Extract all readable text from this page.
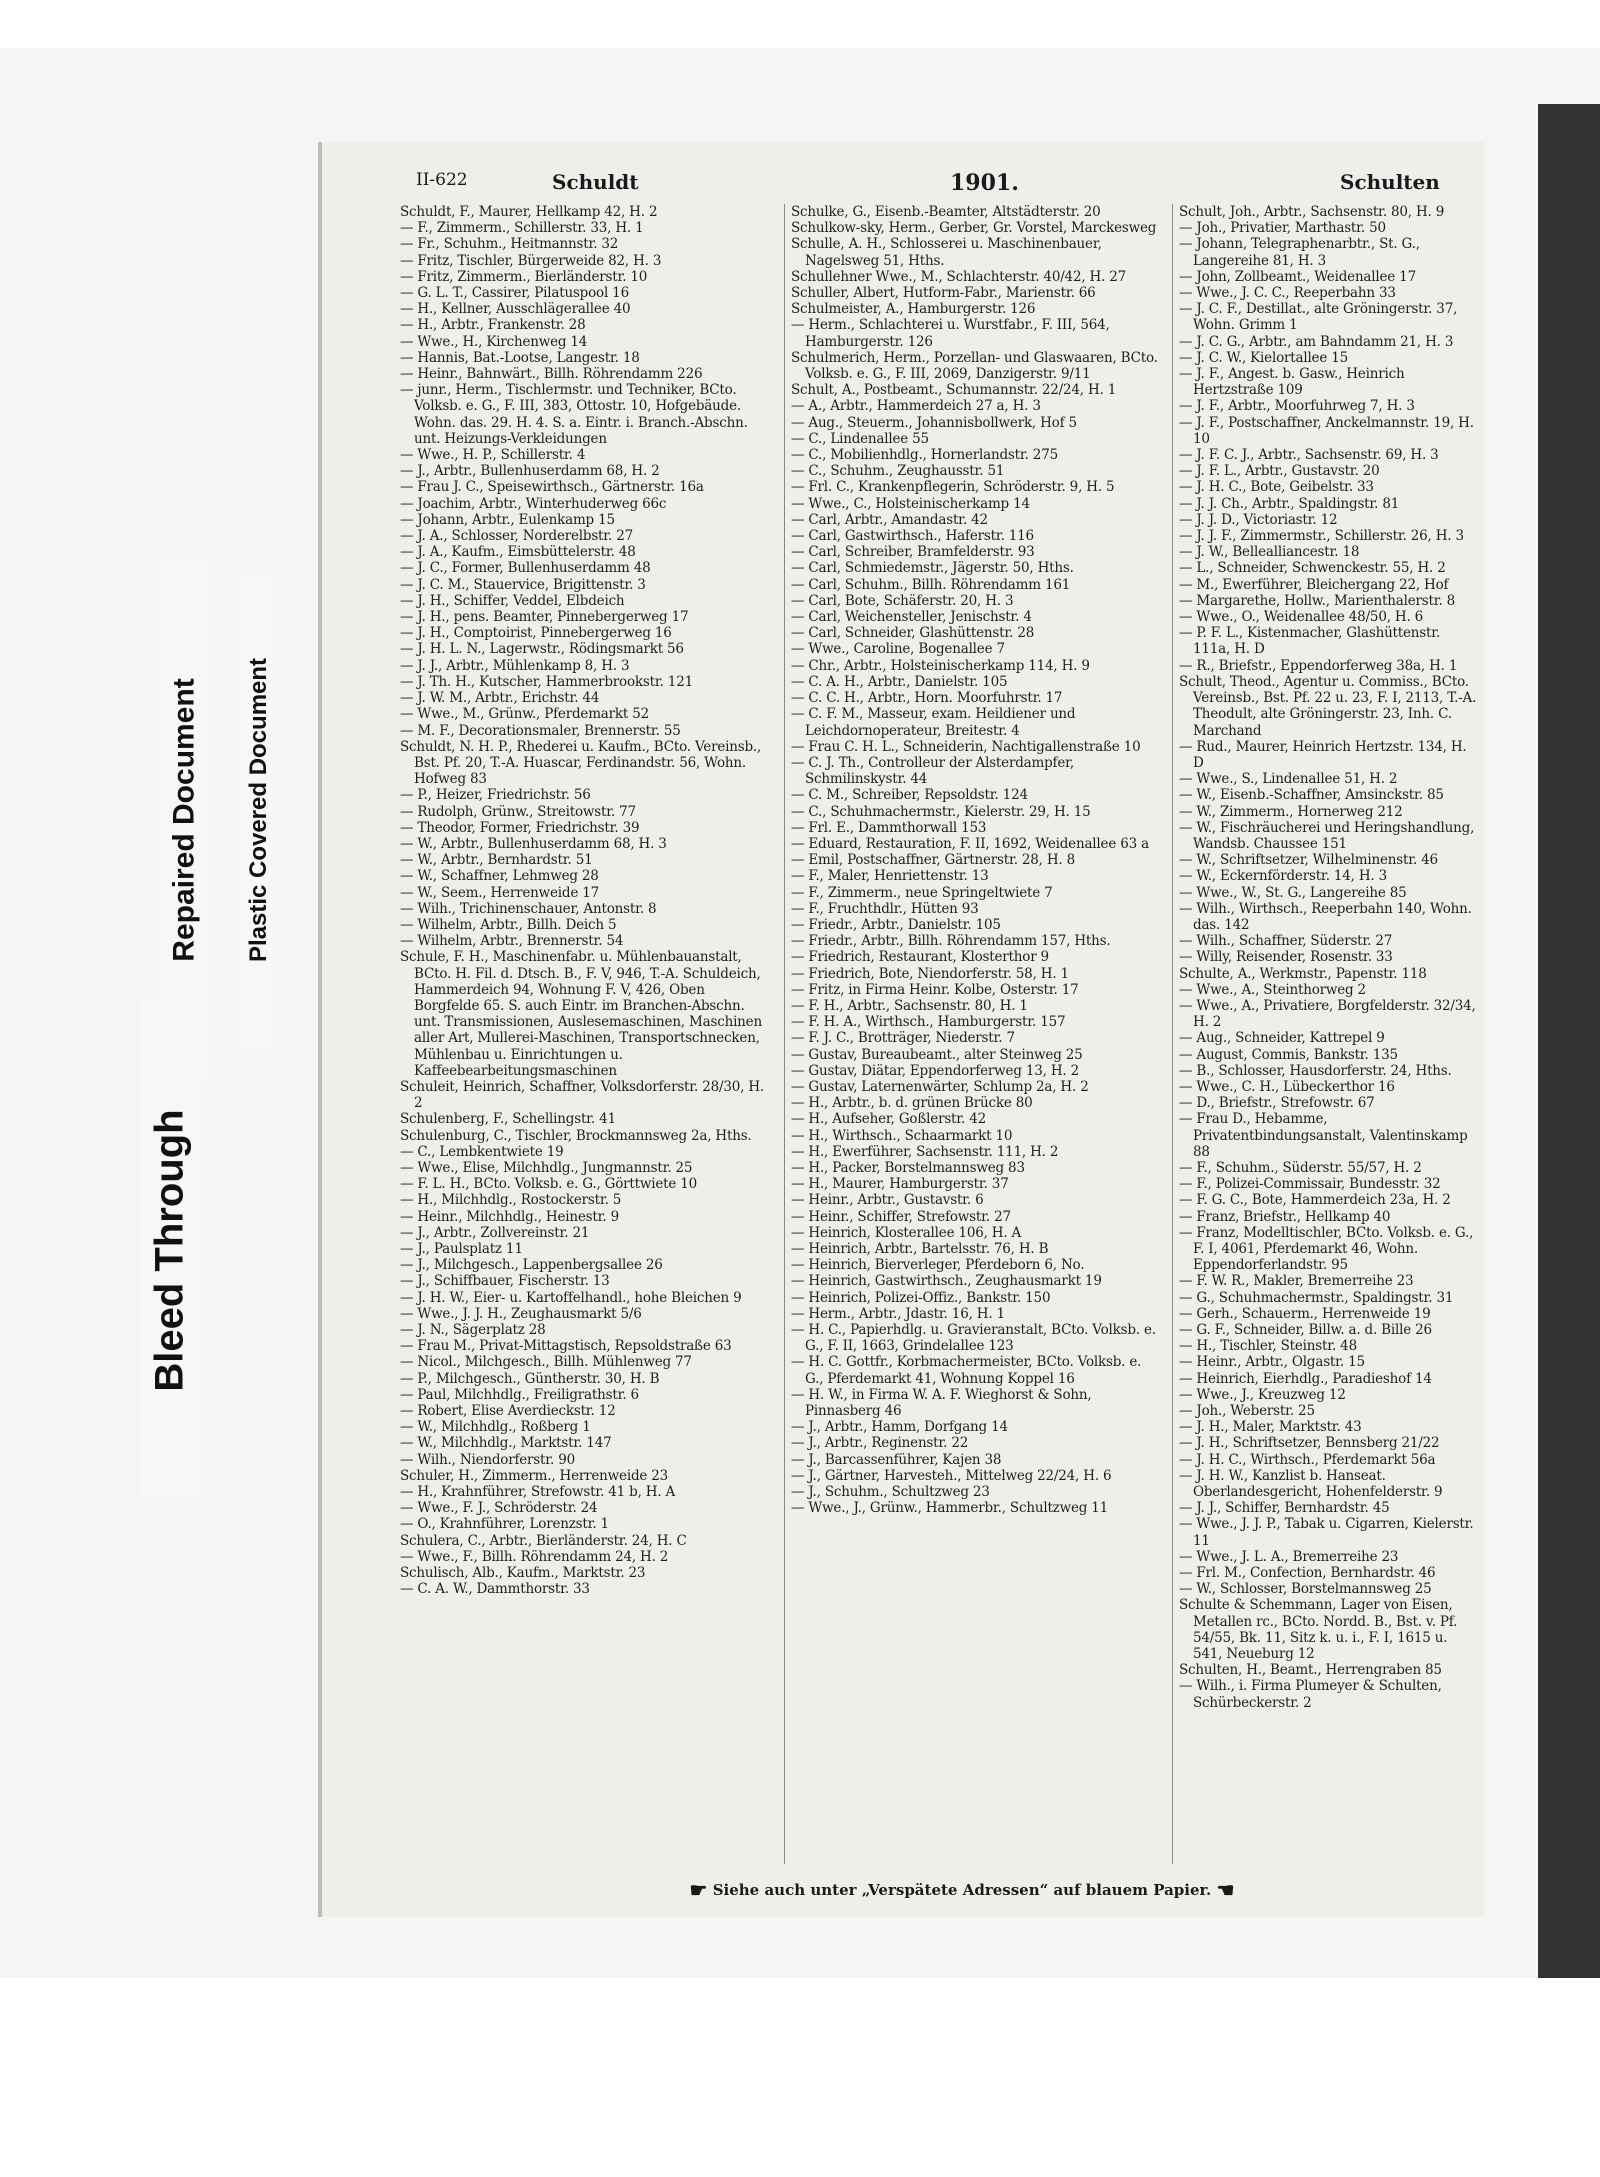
Bleed Through
Repaired Document Plastic Covered Document
II-622	Schuldt	1901.	Schulten
Schuldt, F., Maurer, Hellkamp 42, H. 2
— F., Zimmerm., Schillerstr. 33, H. 1
— Fr., Schuhm., Heitmannstr. 32
— Fritz, Tischler, Bürgerweide 82, H. 3
— Fritz, Zimmerm., Bierländerstr. 10
— G. L. T., Cassirer, Pilatuspool 16
— H., Kellner, Ausschlägerallee 40
— H., Arbtr., Frankenstr. 28
— Wwe., H., Kirchenweg 14
— Hannis, Bat.-Lootse, Langestr. 18
— Heinr., Bahnwärt., Billh. Röhrendamm 226
— junr., Herm., Tischlermstr. und Techniker, BCto. Volksb. e. G., F. III, 383, Ottostr. 10, Hofgebäude. Wohn. das. 29. H. 4. S. a. Eintr. i. Branch.-Abschn. unt. Heizungs-Verkleidungen
— Wwe., H. P., Schillerstr. 4
— J., Arbtr., Bullenhuserdamm 68, H. 2
— Frau J. C., Speisewirthsch., Gärtnerstr. 16a
— Joachim, Arbtr., Winterhuderweg 66c
— Johann, Arbtr., Eulenkamp 15
— J. A., Schlosser, Norderelbstr. 27
— J. A., Kaufm., Eimsbüttelerstr. 48
— J. C., Former, Bullenhuserdamm 48
— J. C. M., Stauervice, Brigittenstr. 3
— J. H., Schiffer, Veddel, Elbdeich
— J. H., pens. Beamter, Pinnebergerweg 17
— J. H., Comptoirist, Pinnebergerweg 16
— J. H. L. N., Lagerwstr., Rödingsmarkt 56
— J. J., Arbtr., Mühlenkamp 8, H. 3
— J. Th. H., Kutscher, Hammerbrookstr. 121
— J. W. M., Arbtr., Erichstr. 44
— Wwe., M., Grünw., Pferdemarkt 52
— M. F., Decorationsmaler, Brennerstr. 55
Schuldt, N. H. P., Rhederei u. Kaufm., BCto. Vereinsb., Bst. Pf. 20, T.-A. Huascar, Ferdinandstr. 56, Wohn. Hofweg 83
— P., Heizer, Friedrichstr. 56
— Rudolph, Grünw., Streitowstr. 77
— Theodor, Former, Friedrichstr. 39
— W., Arbtr., Bullenhuserdamm 68, H. 3
— W., Arbtr., Bernhardstr. 51
— W., Schaffner, Lehmweg 28
— W., Seem., Herrenweide 17
— Wilh., Trichinenschauer, Antonstr. 8
— Wilhelm, Arbtr., Billh. Deich 5
— Wilhelm, Arbtr., Brennerstr. 54
Schule, F. H., Maschinenfabr. u. Mühlenbauanstalt, BCto. H. Fil. d. Dtsch. B., F. V, 946, T.-A. Schuldeich, Hammerdeich 94, Wohnung F. V, 426, Oben Borgfelde 65. S. auch Eintr. im Branchen-Abschn. unt. Transmissionen, Auslesemaschinen, Maschinen aller Art, Mullerei-Maschinen, Transportschnecken, Mühlenbau u. Einrichtungen u. Kaffeebearbeitungsmaschinen
Schuleit, Heinrich, Schaffner, Volksdorferstr. 28/30, H. 2
Schulenberg, F., Schellingstr. 41
Schulenburg, C., Tischler, Brockmannsweg 2a, Hths.
— C., Lembkentwiete 19
— Wwe., Elise, Milchhdlg., Jungmannstr. 25
— F. L. H., BCto. Volksb. e. G., Görttwiete 10
— H., Milchhdlg., Rostockerstr. 5
— Heinr., Milchhdlg., Heinestr. 9
— J., Arbtr., Zollvereinstr. 21
— J., Paulsplatz 11
— J., Milchgesch., Lappenbergsallee 26
— J., Schiffbauer, Fischerstr. 13
— J. H. W., Eier- u. Kartoffelhandl., hohe Bleichen 9
— Wwe., J. J. H., Zeughausmarkt 5/6
— J. N., Sägerplatz 28
— Frau M., Privat-Mittagstisch, Repsoldstraße 63
— Nicol., Milchgesch., Billh. Mühlenweg 77
— P., Milchgesch., Güntherstr. 30, H. B
— Paul, Milchhdlg., Freiligrathstr. 6
— Robert, Elise Averdieckstr. 12
— W., Milchhdlg., Roßberg 1
— W., Milchhdlg., Marktstr. 147
— Wilh., Niendorferstr. 90
Schuler, H., Zimmerm., Herrenweide 23
— H., Krahnführer, Strefowstr. 41 b, H. A
— Wwe., F. J., Schröderstr. 24
— O., Krahnführer, Lorenzstr. 1
Schulera, C., Arbtr., Bierländerstr. 24, H. C
— Wwe., F., Billh. Röhrendamm 24, H. 2
Schulisch, Alb., Kaufm., Marktstr. 23
— C. A. W., Dammthorstr. 33
Schulke, G., Eisenb.-Beamter, Altstädterstr. 20
Schulkow-sky, Herm., Gerber, Gr. Vorstel, Marckesweg
Schulle, A. H., Schlosserei u. Maschinenbauer, Nagelsweg 51, Hths.
Schullehner Wwe., M., Schlachterstr. 40/42, H. 27
Schuller, Albert, Hutform-Fabr., Marienstr. 66
Schulmeister, A., Hamburgerstr. 126
— Herm., Schlachterei u. Wurstfabr., F. III, 564, Hamburgerstr. 126
Schulmerich, Herm., Porzellan- und Glaswaaren, BCto. Volksb. e. G., F. III, 2069, Danzigerstr. 9/11
Schult, A., Postbeamt., Schumannstr. 22/24, H. 1
— A., Arbtr., Hammerdeich 27 a, H. 3
— Aug., Steuerm., Johannisbollwerk, Hof 5
— C., Lindenallee 55
— C., Mobilienhdlg., Hornerlandstr. 275
— C., Schuhm., Zeughausstr. 51
— Frl. C., Krankenpflegerin, Schröderstr. 9, H. 5
— Wwe., C., Holsteinischerkamp 14
— Carl, Arbtr., Amandastr. 42
— Carl, Gastwirthsch., Haferstr. 116
— Carl, Schreiber, Bramfelderstr. 93
— Carl, Schmiedemstr., Jägerstr. 50, Hths.
— Carl, Schuhm., Billh. Röhrendamm 161
— Carl, Bote, Schäferstr. 20, H. 3
— Carl, Weichensteller, Jenischstr. 4
— Carl, Schneider, Glashüttenstr. 28
— Wwe., Caroline, Bogenallee 7
— Chr., Arbtr., Holsteinischerkamp 114, H. 9
— C. A. H., Arbtr., Danielstr. 105
— C. C. H., Arbtr., Horn. Moorfuhrstr. 17
— C. F. M., Masseur, exam. Heildiener und Leichdornoperateur, Breitestr. 4
— Frau C. H. L., Schneiderin, Nachtigallenstraße 10
— C. J. Th., Controlleur der Alsterdampfer, Schmilinskystr. 44
— C. M., Schreiber, Repsoldstr. 124
— C., Schuhmachermstr., Kielerstr. 29, H. 15
— Frl. E., Dammthorwall 153
— Eduard, Restauration, F. II, 1692, Weidenallee 63 a
— Emil, Postschaffner, Gärtnerstr. 28, H. 8
— F., Maler, Henriettenstr. 13
— F., Zimmerm., neue Springeltwiete 7
— F., Fruchthdlr., Hütten 93
— Friedr., Arbtr., Danielstr. 105
— Friedr., Arbtr., Billh. Röhrendamm 157, Hths.
— Friedrich, Restaurant, Klosterthor 9
— Friedrich, Bote, Niendorferstr. 58, H. 1
— Fritz, in Firma Heinr. Kolbe, Osterstr. 17
— F. H., Arbtr., Sachsenstr. 80, H. 1
— F. H. A., Wirthsch., Hamburgerstr. 157
— F. J. C., Brotträger, Niederstr. 7
— Gustav, Bureaubeamt., alter Steinweg 25
— Gustav, Diätar, Eppendorferweg 13, H. 2
— Gustav, Laternenwärter, Schlump 2a, H. 2
— H., Arbtr., b. d. grünen Brücke 80
— H., Aufseher, Goßlerstr. 42
— H., Wirthsch., Schaarmarkt 10
— H., Ewerführer, Sachsenstr. 111, H. 2
— H., Packer, Borstelmannsweg 83
— H., Maurer, Hamburgerstr. 37
— Heinr., Arbtr., Gustavstr. 6
— Heinr., Schiffer, Strefowstr. 27
— Heinrich, Klosterallee 106, H. A
— Heinrich, Arbtr., Bartelsstr. 76, H. B
— Heinrich, Bierverleger, Pferdeborn 6, No.
— Heinrich, Gastwirthsch., Zeughausmarkt 19
— Heinrich, Polizei-Offiz., Bankstr. 150
— Herm., Arbtr., Jdastr. 16, H. 1
— H. C., Papierhdlg. u. Gravieranstalt, BCto. Volksb. e. G., F. II, 1663, Grindelallee 123
— H. C. Gottfr., Korbmachermeister, BCto. Volksb. e. G., Pferdemarkt 41, Wohnung Koppel 16
— H. W., in Firma W. A. F. Wieghorst & Sohn, Pinnasberg 46
— J., Arbtr., Hamm, Dorfgang 14
— J., Arbtr., Reginenstr. 22
— J., Barcassenführer, Kajen 38
— J., Gärtner, Harvesteh., Mittelweg 22/24, H. 6
— J., Schuhm., Schultzweg 23
— Wwe., J., Grünw., Hammerbr., Schultzweg 11
Schult, Joh., Arbtr., Sachsenstr. 80, H. 9
— Joh., Privatier, Marthastr. 50
— Johann, Telegraphenarbtr., St. G., Langereihe 81, H. 3
— John, Zollbeamt., Weidenallee 17
— Wwe., J. C. C., Reeperbahn 33
— J. C. F., Destillat., alte Gröningerstr. 37, Wohn. Grimm 1
— J. C. G., Arbtr., am Bahndamm 21, H. 3
— J. C. W., Kielortallee 15
— J. F., Angest. b. Gasw., Heinrich Hertzstraße 109
— J. F., Arbtr., Moorfuhrweg 7, H. 3
— J. F., Postschaffner, Anckelmannstr. 19, H. 10
— J. F. C. J., Arbtr., Sachsenstr. 69, H. 3
— J. F. L., Arbtr., Gustavstr. 20
— J. H. C., Bote, Geibelstr. 33
— J. J. Ch., Arbtr., Spaldingstr. 81
— J. J. D., Victoriastr. 12
— J. J. F., Zimmermstr., Schillerstr. 26, H. 3
— J. W., Bellealliancestr. 18
— L., Schneider, Schwenckestr. 55, H. 2
— M., Ewerführer, Bleichergang 22, Hof
— Margarethe, Hollw., Marienthalerstr. 8
— Wwe., O., Weidenallee 48/50, H. 6
— P. F. L., Kistenmacher, Glashüttenstr. 111a, H. D
— R., Briefstr., Eppendorferweg 38a, H. 1
Schult, Theod., Agentur u. Commiss., BCto. Vereinsb., Bst. Pf. 22 u. 23, F. I, 2113, T.-A. Theodult, alte Gröningerstr. 23, Inh. C. Marchand
— Rud., Maurer, Heinrich Hertzstr. 134, H. D
— Wwe., S., Lindenallee 51, H. 2
— W., Eisenb.-Schaffner, Amsinckstr. 85
— W., Zimmerm., Hornerweg 212
— W., Fischräucherei und Heringshandlung, Wandsb. Chaussee 151
— W., Schriftsetzer, Wilhelminenstr. 46
— W., Eckernförderstr. 14, H. 3
— Wwe., W., St. G., Langereihe 85
— Wilh., Wirthsch., Reeperbahn 140, Wohn. das. 142
— Wilh., Schaffner, Süderstr. 27
— Willy, Reisender, Rosenstr. 33
Schulte, A., Werkmstr., Papenstr. 118
— Wwe., A., Steinthorweg 2
— Wwe., A., Privatiere, Borgfelderstr. 32/34, H. 2
— Aug., Schneider, Kattrepel 9
— August, Commis, Bankstr. 135
— B., Schlosser, Hausdorferstr. 24, Hths.
— Wwe., C. H., Lübeckerthor 16
— D., Briefstr., Strefowstr. 67
— Frau D., Hebamme, Privatentbindungsanstalt, Valentinskamp 88
— F., Schuhm., Süderstr. 55/57, H. 2
— F., Polizei-Commissair, Bundesstr. 32
— F. G. C., Bote, Hammerdeich 23a, H. 2
— Franz, Briefstr., Hellkamp 40
— Franz, Modelltischler, BCto. Volksb. e. G., F. I, 4061, Pferdemarkt 46, Wohn. Eppendorferlandstr. 95
— F. W. R., Makler, Bremerreihe 23
— G., Schuhmachermstr., Spaldingstr. 31
— Gerh., Schauerm., Herrenweide 19
— G. F., Schneider, Billw. a. d. Bille 26
— H., Tischler, Steinstr. 48
— Heinr., Arbtr., Olgastr. 15
— Heinrich, Eierhdlg., Paradieshof 14
— Wwe., J., Kreuzweg 12
— Joh., Weberstr. 25
— J. H., Maler, Marktstr. 43
— J. H., Schriftsetzer, Bennsberg 21/22
— J. H. C., Wirthsch., Pferdemarkt 56a
— J. H. W., Kanzlist b. Hanseat. Oberlandesgericht, Hohenfelderstr. 9
— J. J., Schiffer, Bernhardstr. 45
— Wwe., J. J. P., Tabak u. Cigarren, Kielerstr. 11
— Wwe., J. L. A., Bremerreihe 23
— Frl. M., Confection, Bernhardstr. 46
— W., Schlosser, Borstelmannsweg 25
Schulte & Schemmann, Lager von Eisen, Metallen rc., BCto. Nordd. B., Bst. v. Pf. 54/55, Bk. 11, Sitz k. u. i., F. I, 1615 u. 541, Neueburg 12
Schulten, H., Beamt., Herrengraben 85
— Wilh., i. Firma Plumeyer & Schulten, Schürbeckerstr. 2
☛ Siehe auch unter „Verspätete Adressen“ auf blauem Papier. ☚
